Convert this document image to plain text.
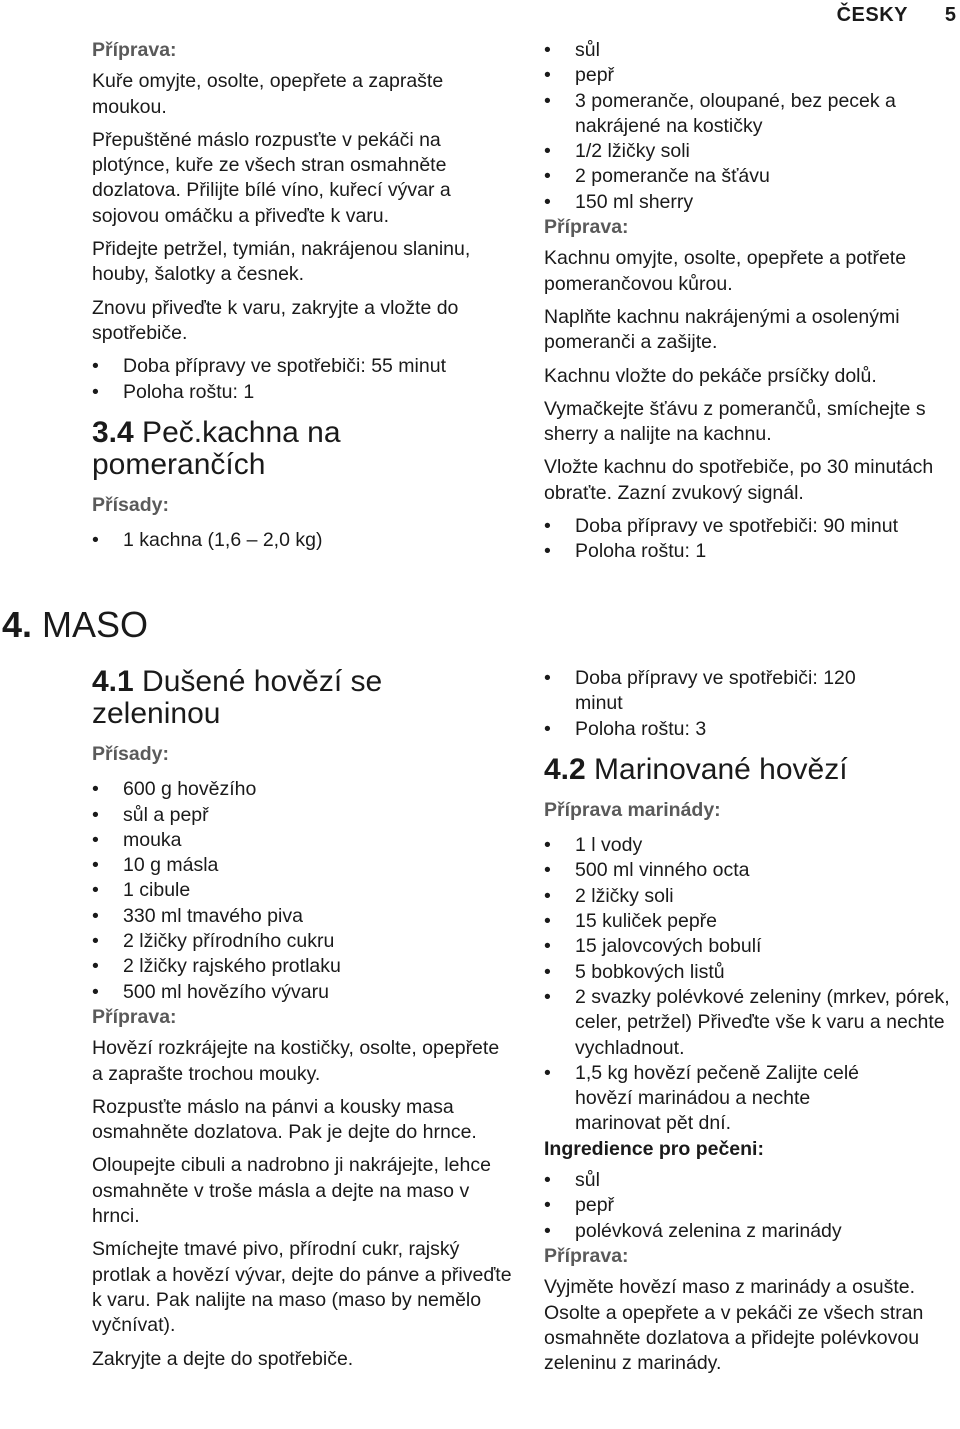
ČESKY 5
4. MASO
Příprava:

Kuře omyjte, osolte, opepřete a zaprašte moukou.

Přepuštěné máslo rozpusťte v pekáči na plotýnce, kuře ze všech stran osmahněte dozlatova. Přilijte bílé víno, kuřecí vývar a sojovou omáčku a přiveďte k varu.

Přidejte petržel, tymián, nakrájenou slaninu, houby, šalotky a česnek.

Znovu přiveďte k varu, zakryjte a vložte do spotřebiče.

• Doba přípravy ve spotřebiči: 55 minut
• Poloha roštu: 1
3.4 Peč.kachna na pomerančích
Přísady:
• 1 kachna (1,6 – 2,0 kg)
• sůl
• pepř
• 3 pomeranče, oloupané, bez pecek a nakrájené na kostičky
• 1/2 lžičky soli
• 2 pomeranče na šťávu
• 150 ml sherry
Příprava:

Kachnu omyjte, osolte, opepřete a potřete pomerančovou kůrou.

Naplňte kachnu nakrájenými a osolenými pomeranči a zašijte.

Kachnu vložte do pekáče prsíčky dolů.

Vymačkejte šťávu z pomerančů, smíchejte s sherry a nalijte na kachnu.

Vložte kachnu do spotřebiče, po 30 minutách obraťte. Zazní zvukový signál.

• Doba přípravy ve spotřebiči: 90 minut
• Poloha roštu: 1
4.1 Dušené hovězí se zeleninou
Přísady:
• 600 g hovězího
• sůl a pepř
• mouka
• 10 g másla
• 1 cibule
• 330 ml tmavého piva
• 2 lžičky přírodního cukru
• 2 lžičky rajského protlaku
• 500 ml hovězího vývaru
Příprava:

Hovězí rozkrájejte na kostičky, osolte, opepřete a zaprašte trochou mouky.

Rozpusťte máslo na pánvi a kousky masa osmahněte dozlatova. Pak je dejte do hrnce.

Oloupejte cibuli a nadrobno ji nakrájejte, lehce osmahněte v troše másla a dejte na maso v hrnci.

Smíchejte tmavé pivo, přírodní cukr, rajský protlak a hovězí vývar, dejte do pánve a přiveďte k varu. Pak nalijte na maso (maso by nemělo vyčnívat).

Zakryjte a dejte do spotřebiče.

• Doba přípravy ve spotřebiči: 120 minut
• Poloha roštu: 3
4.2 Marinované hovězí
Příprava marinády:
• 1 l vody
• 500 ml vinného octa
• 2 lžičky soli
• 15 kuliček pepře
• 15 jalovcových bobulí
• 5 bobkových listů
• 2 svazky polévkové zeleniny (mrkev, pórek, celer, petržel) Přiveďte vše k varu a nechte vychladnout.
• 1,5 kg hovězí pečeně Zalijte celé hovězí marinádou a nechte marinovat pět dní.
Ingredience pro pečeni:
• sůl
• pepř
• polévková zelenina z marinády
Příprava:

Vyjměte hovězí maso z marinády a osušte. Osolte a opepřete a v pekáči ze všech stran osmahněte dozlatova a přidejte polévkovou zeleninu z marinády.
